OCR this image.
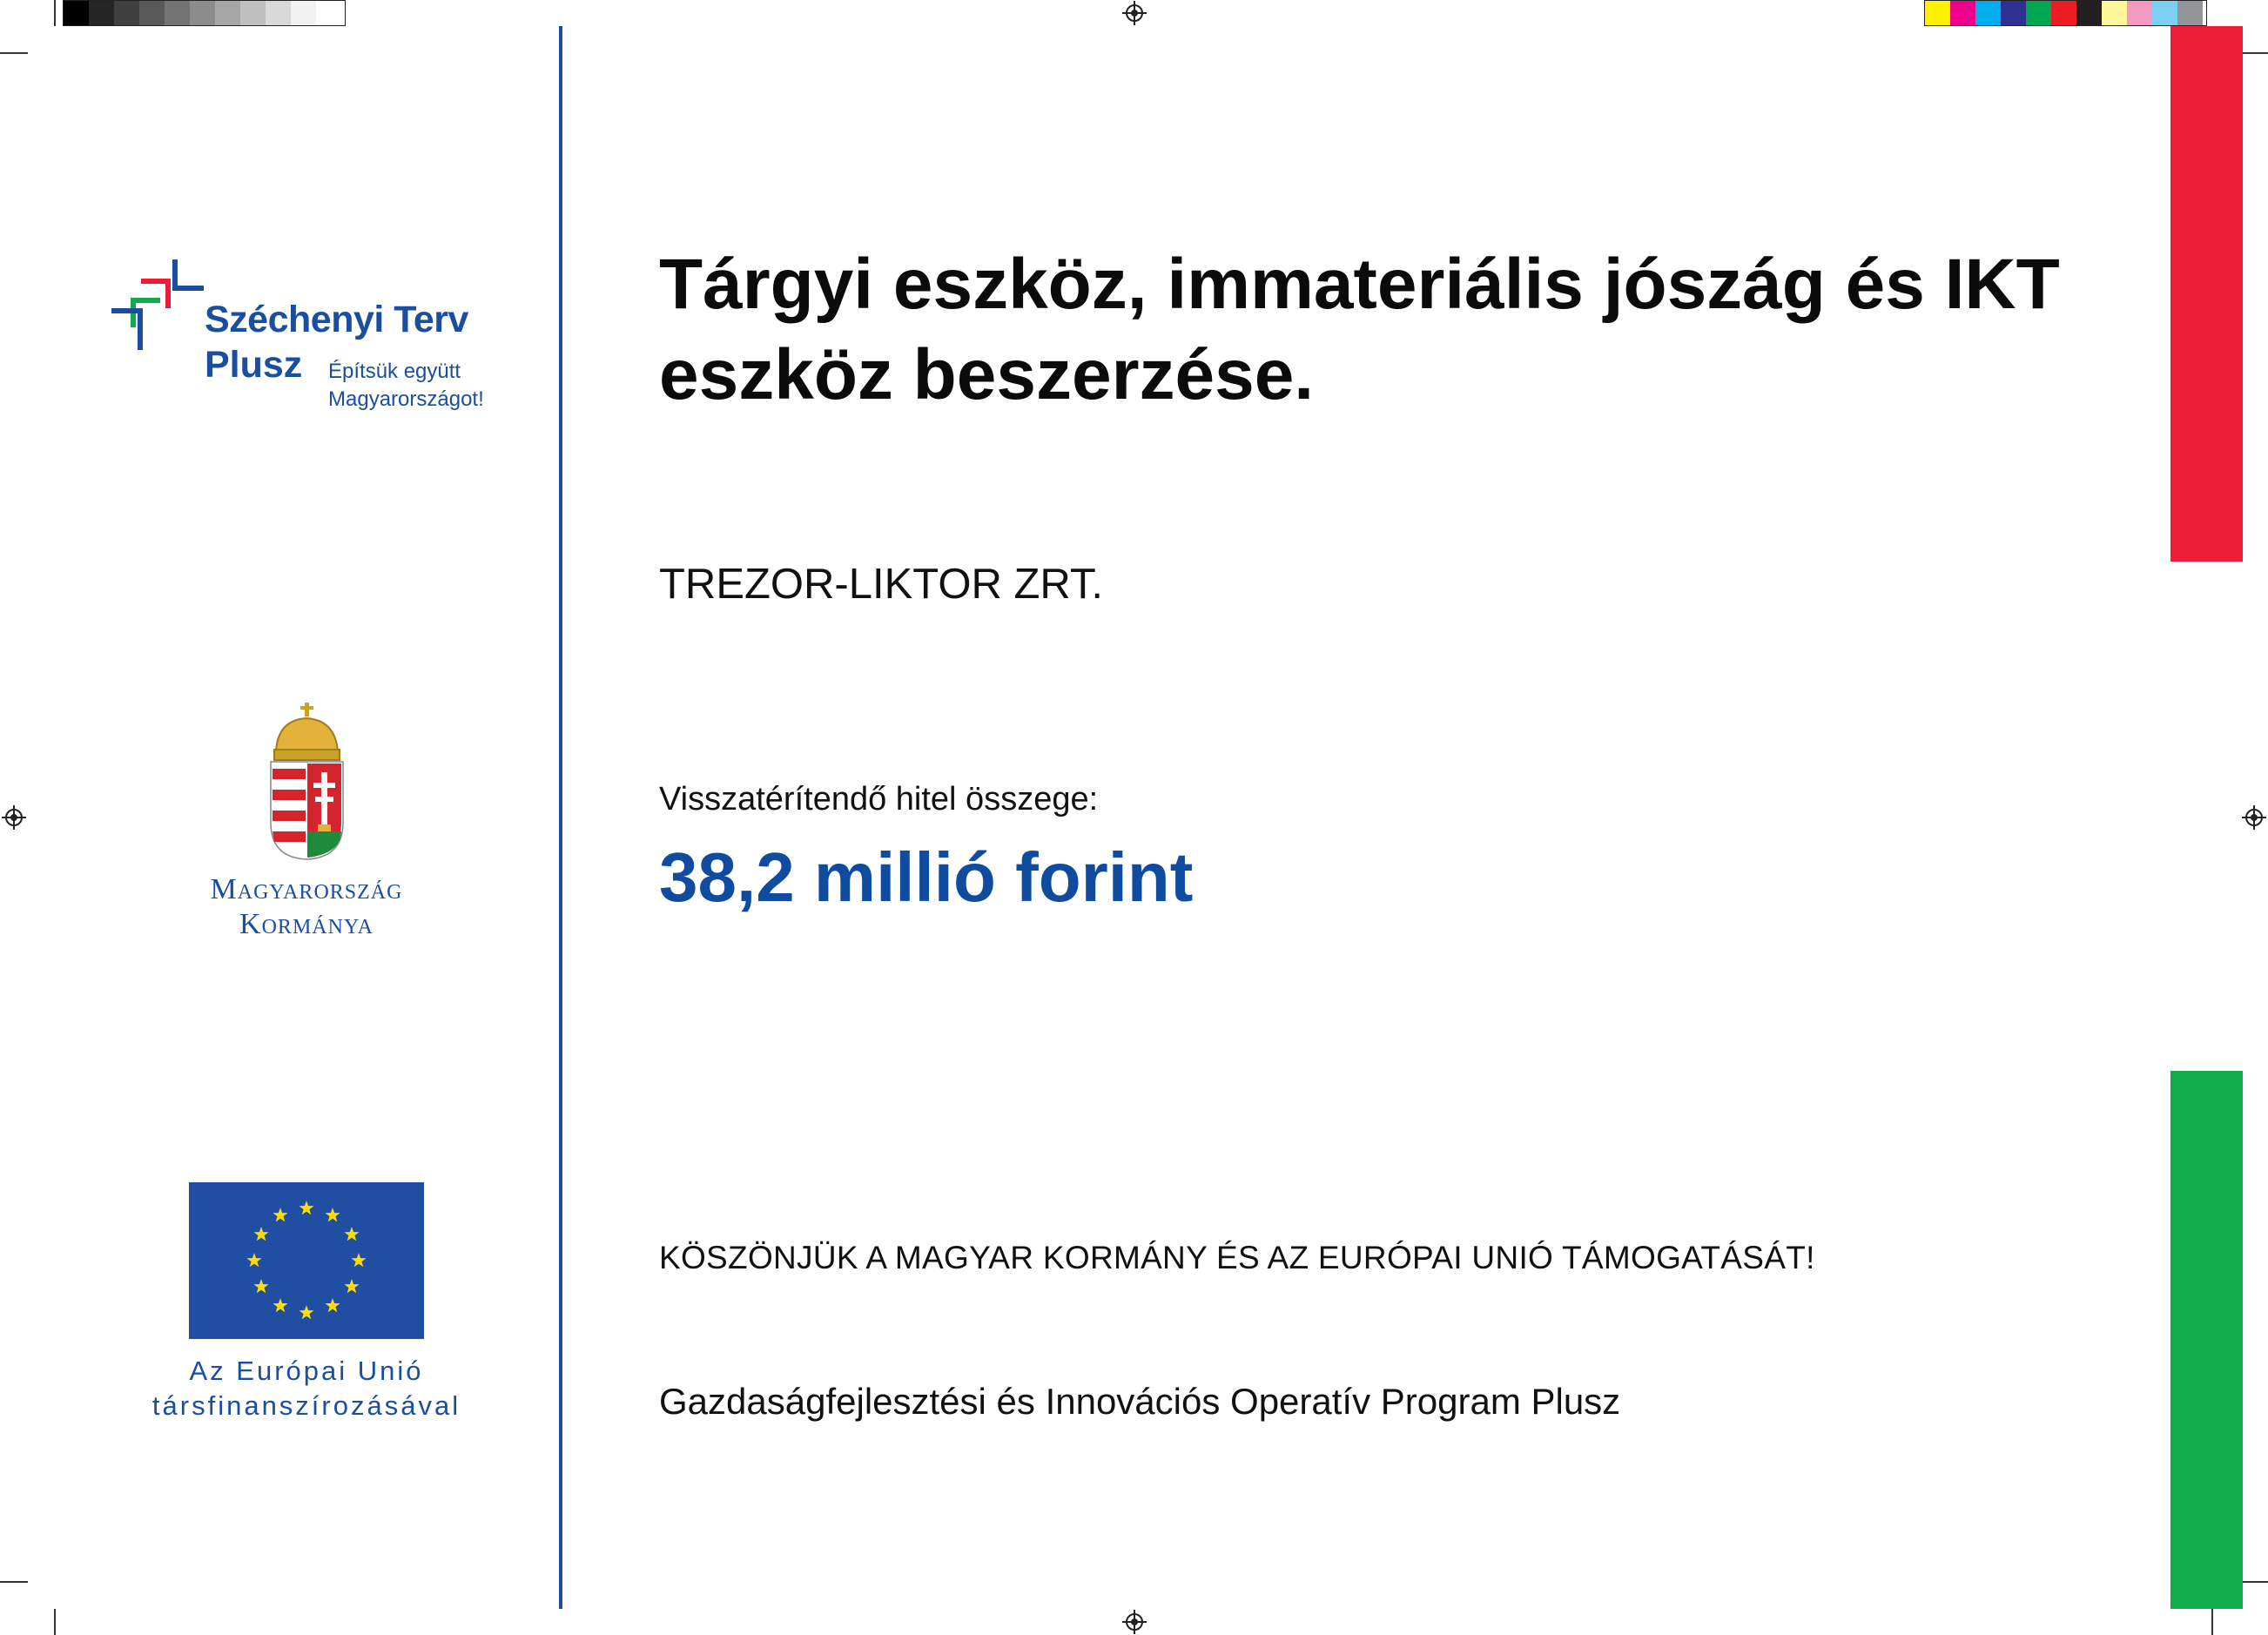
Széchenyi Terv
Plusz Építsük együtt
Magyarországot!
Magyarország
Kormánya
Az Európai Unió
társfinanszírozásával
Tárgyi eszköz, immateriális jószág és IKT eszköz beszerzése.
TREZOR-LIKTOR ZRT.
Visszatérítendő hitel összege:
38,2 millió forint
KÖSZÖNJÜK A MAGYAR KORMÁNY ÉS AZ EURÓPAI UNIÓ TÁMOGATÁSÁT!
Gazdaságfejlesztési és Innovációs Operatív Program Plusz
